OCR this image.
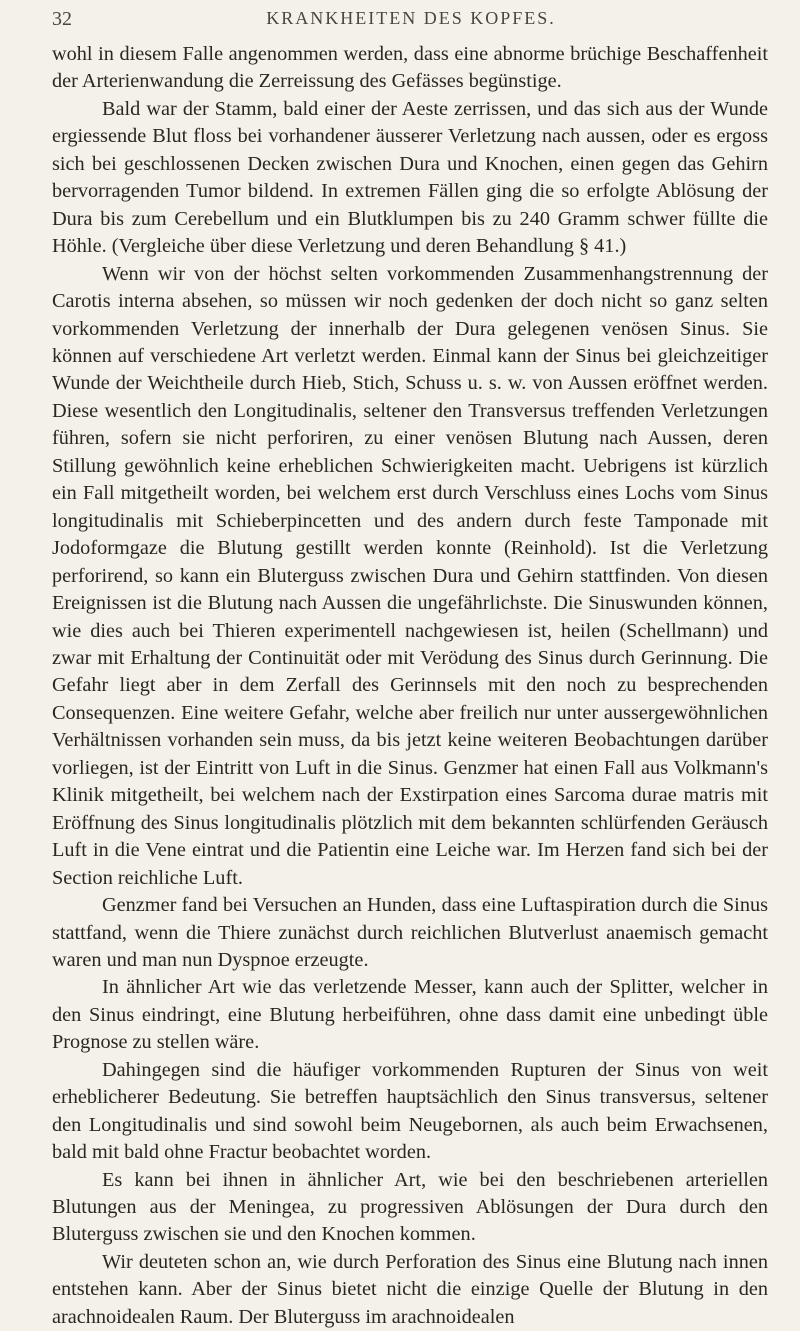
32	KRANKHEITEN DES KOPFES.

wohl in diesem Falle angenommen werden, dass eine abnorme brüchige Beschaffenheit der Arterienwandung die Zerreissung des Gefässes begünstige.

Bald war der Stamm, bald einer der Aeste zerrissen, und das sich aus der Wunde ergiessende Blut floss bei vorhandener äusserer Verletzung nach aussen, oder es ergoss sich bei geschlossenen Decken zwischen Dura und Knochen, einen gegen das Gehirn bervorragenden Tumor bildend. In extremen Fällen ging die so erfolgte Ablösung der Dura bis zum Cerebellum und ein Blutklumpen bis zu 240 Gramm schwer füllte die Höhle. (Vergleiche über diese Verletzung und deren Behandlung § 41.)

Wenn wir von der höchst selten vorkommenden Zusammenhangstrennung der Carotis interna absehen, so müssen wir noch gedenken der doch nicht so ganz selten vorkommenden Verletzung der innerhalb der Dura gelegenen venösen Sinus. Sie können auf verschiedene Art verletzt werden. Einmal kann der Sinus bei gleichzeitiger Wunde der Weichtheile durch Hieb, Stich, Schuss u. s. w. von Aussen eröffnet werden. Diese wesentlich den Longitudinalis, seltener den Transversus treffenden Verletzungen führen, sofern sie nicht perforiren, zu einer venösen Blutung nach Aussen, deren Stillung gewöhnlich keine erheblichen Schwierigkeiten macht. Uebrigens ist kürzlich ein Fall mitgetheilt worden, bei welchem erst durch Verschluss eines Lochs vom Sinus longitudinalis mit Schieberpincetten und des andern durch feste Tamponade mit Jodoformgaze die Blutung gestillt werden konnte (Reinhold). Ist die Verletzung perforirend, so kann ein Bluterguss zwischen Dura und Gehirn stattfinden. Von diesen Ereignissen ist die Blutung nach Aussen die ungefährlichste. Die Sinuswunden können, wie dies auch bei Thieren experimentell nachgewiesen ist, heilen (Schellmann) und zwar mit Erhaltung der Continuität oder mit Verödung des Sinus durch Gerinnung. Die Gefahr liegt aber in dem Zerfall des Gerinnsels mit den noch zu besprechenden Consequenzen. Eine weitere Gefahr, welche aber freilich nur unter aussergewöhnlichen Verhältnissen vorhanden sein muss, da bis jetzt keine weiteren Beobachtungen darüber vorliegen, ist der Eintritt von Luft in die Sinus. Genzmer hat einen Fall aus Volkmann's Klinik mitgetheilt, bei welchem nach der Exstirpation eines Sarcoma durae matris mit Eröffnung des Sinus longitudinalis plötzlich mit dem bekannten schlürfenden Geräusch Luft in die Vene eintrat und die Patientin eine Leiche war. Im Herzen fand sich bei der Section reichliche Luft.

Genzmer fand bei Versuchen an Hunden, dass eine Luftaspiration durch die Sinus stattfand, wenn die Thiere zunächst durch reichlichen Blutverlust anaemisch gemacht waren und man nun Dyspnoe erzeugte.

In ähnlicher Art wie das verletzende Messer, kann auch der Splitter, welcher in den Sinus eindringt, eine Blutung herbeiführen, ohne dass damit eine unbedingt üble Prognose zu stellen wäre.

Dahingegen sind die häufiger vorkommenden Rupturen der Sinus von weit erheblicherer Bedeutung. Sie betreffen hauptsächlich den Sinus transversus, seltener den Longitudinalis und sind sowohl beim Neugebornen, als auch beim Erwachsenen, bald mit bald ohne Fractur beobachtet worden.

Es kann bei ihnen in ähnlicher Art, wie bei den beschriebenen arteriellen Blutungen aus der Meningea, zu progressiven Ablösungen der Dura durch den Bluterguss zwischen sie und den Knochen kommen.

Wir deuteten schon an, wie durch Perforation des Sinus eine Blutung nach innen entstehen kann. Aber der Sinus bietet nicht die einzige Quelle der Blutung in den arachnoidealen Raum. Der Bluterguss im arachnoidealen
